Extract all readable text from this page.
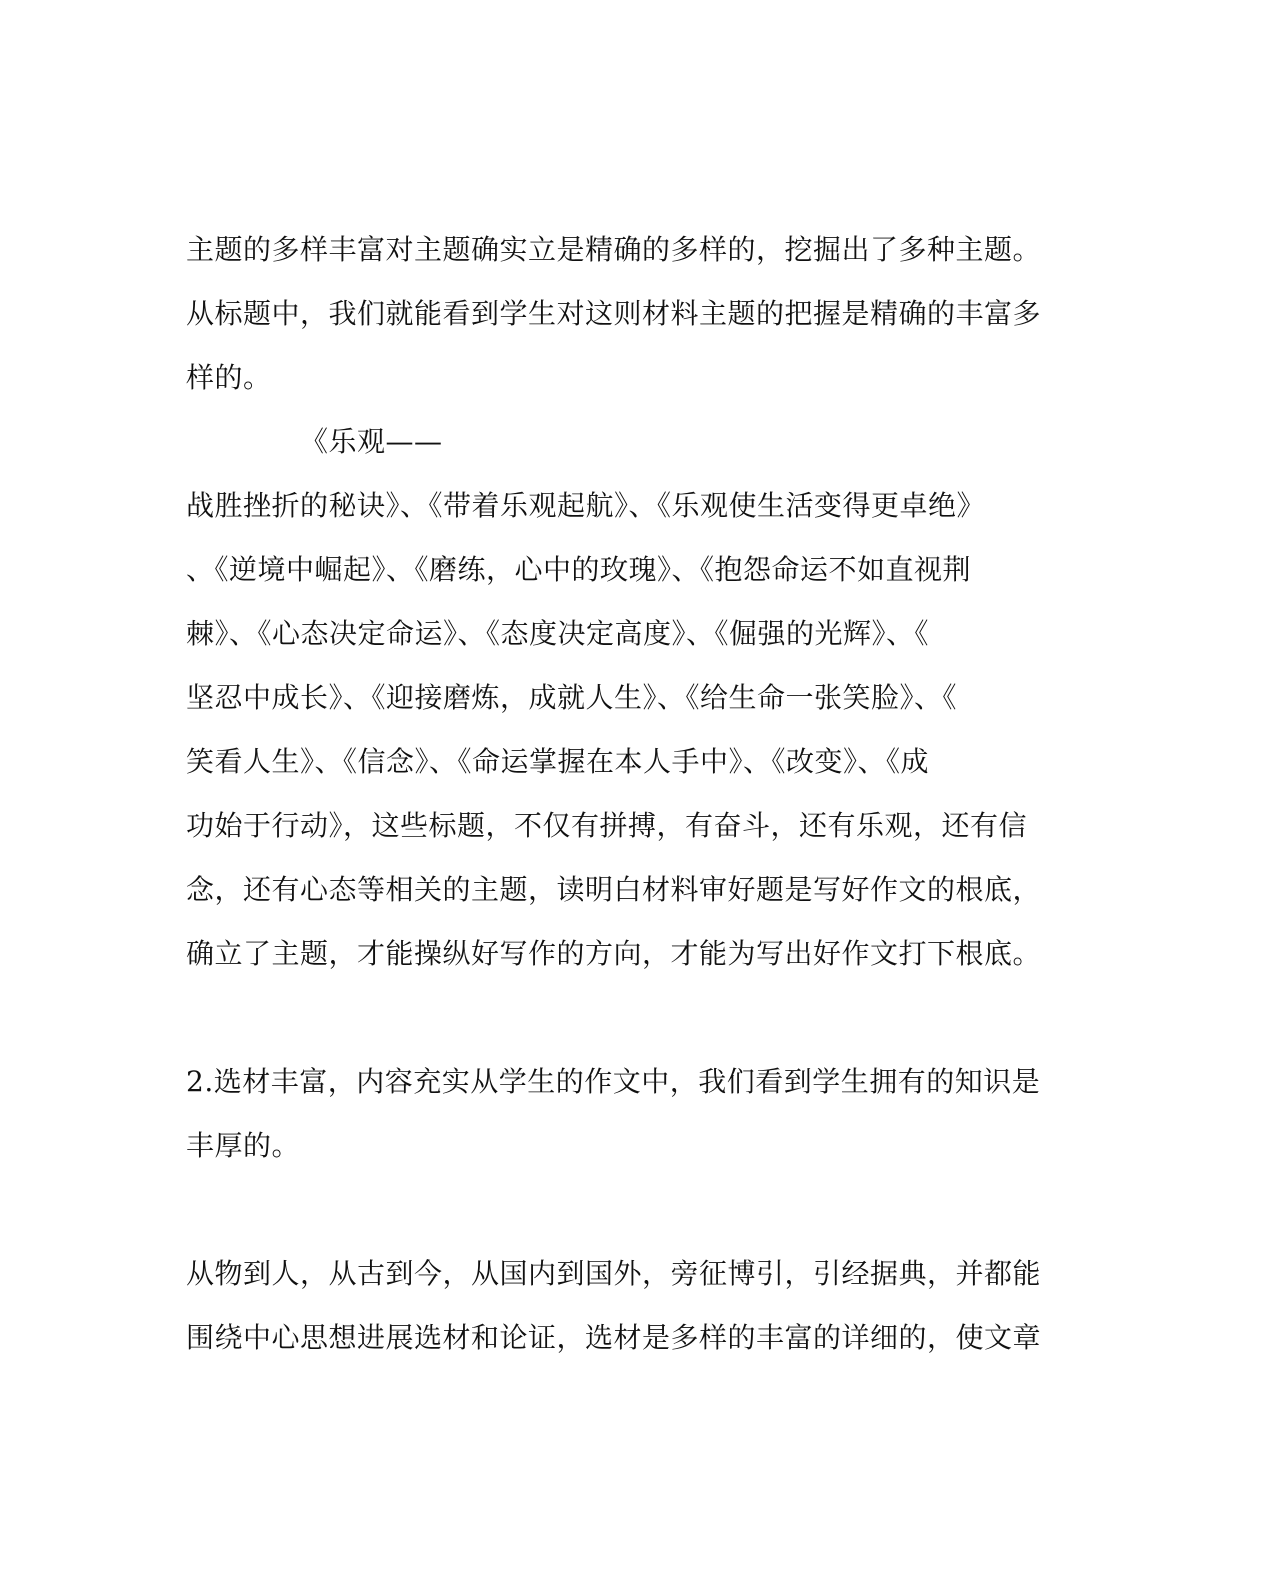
主题的多样丰富对主题确实立是精确的多样的，挖掘出了多种主题。
从标题中，我们就能看到学生对这则材料主题的把握是精确的丰富多
样的。
《乐观——
战胜挫折的秘诀》、《带着乐观起航》、《乐观使生活变得更卓绝》
、《逆境中崛起》、《磨练，心中的玫瑰》、《抱怨命运不如直视荆
棘》、《心态决定命运》、《态度决定高度》、《倔强的光辉》、《
坚忍中成长》、《迎接磨炼，成就人生》、《给生命一张笑脸》、《
笑看人生》、《信念》、《命运掌握在本人手中》、《改变》、《成
功始于行动》，这些标题，不仅有拼搏，有奋斗，还有乐观，还有信
念，还有心态等相关的主题，读明白材料审好题是写好作文的根底，
确立了主题，才能操纵好写作的方向，才能为写出好作文打下根底。
2.选材丰富，内容充实从学生的作文中，我们看到学生拥有的知识是
丰厚的。
从物到人，从古到今，从国内到国外，旁征博引，引经据典，并都能
围绕中心思想进展选材和论证，选材是多样的丰富的详细的，使文章
